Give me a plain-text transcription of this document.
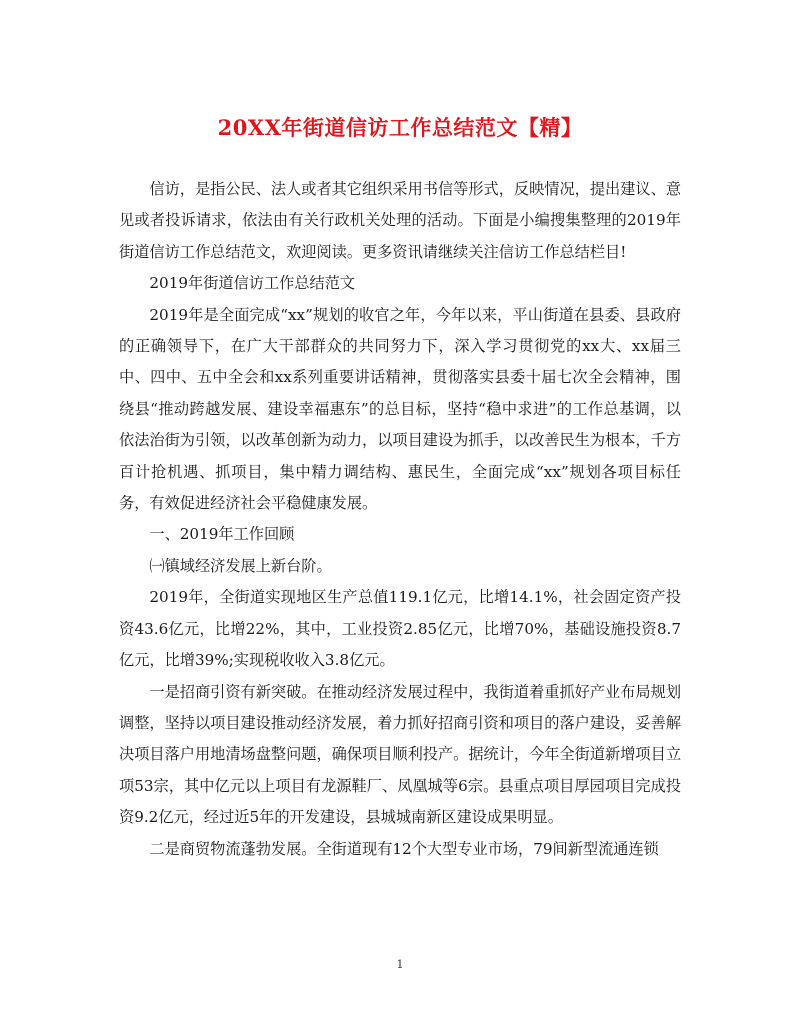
20XX年街道信访工作总结范文【精】

信访，是指公民、法人或者其它组织采用书信等形式，反映情况，提出建议、意见或者投诉请求，依法由有关行政机关处理的活动。下面是小编搜集整理的2019年街道信访工作总结范文，欢迎阅读。更多资讯请继续关注信访工作总结栏目!

2019年街道信访工作总结范文

2019年是全面完成“xx”规划的收官之年，今年以来，平山街道在县委、县政府的正确领导下，在广大干部群众的共同努力下，深入学习贯彻党的xx大、xx届三中、四中、五中全会和xx系列重要讲话精神，贯彻落实县委十届七次全会精神，围绕县“推动跨越发展、建设幸福惠东”的总目标，坚持“稳中求进”的工作总基调，以依法治街为引领，以改革创新为动力，以项目建设为抓手，以改善民生为根本，千方百计抢机遇、抓项目，集中精力调结构、惠民生，全面完成“xx”规划各项目标任务，有效促进经济社会平稳健康发展。

一、2019年工作回顾

㈠镇域经济发展上新台阶。

2019年，全街道实现地区生产总值119.1亿元，比增14.1%，社会固定资产投资43.6亿元，比增22%，其中，工业投资2.85亿元，比增70%，基础设施投资8.7亿元，比增39%;实现税收收入3.8亿元。

一是招商引资有新突破。在推动经济发展过程中，我街道着重抓好产业布局规划调整，坚持以项目建设推动经济发展，着力抓好招商引资和项目的落户建设，妥善解决项目落户用地清场盘整问题，确保项目顺利投产。据统计，今年全街道新增项目立项53宗，其中亿元以上项目有龙源鞋厂、凤凰城等6宗。县重点项目厚园项目完成投资9.2亿元，经过近5年的开发建设，县城城南新区建设成果明显。

二是商贸物流蓬勃发展。全街道现有12个大型专业市场，79间新型流通连锁

1
